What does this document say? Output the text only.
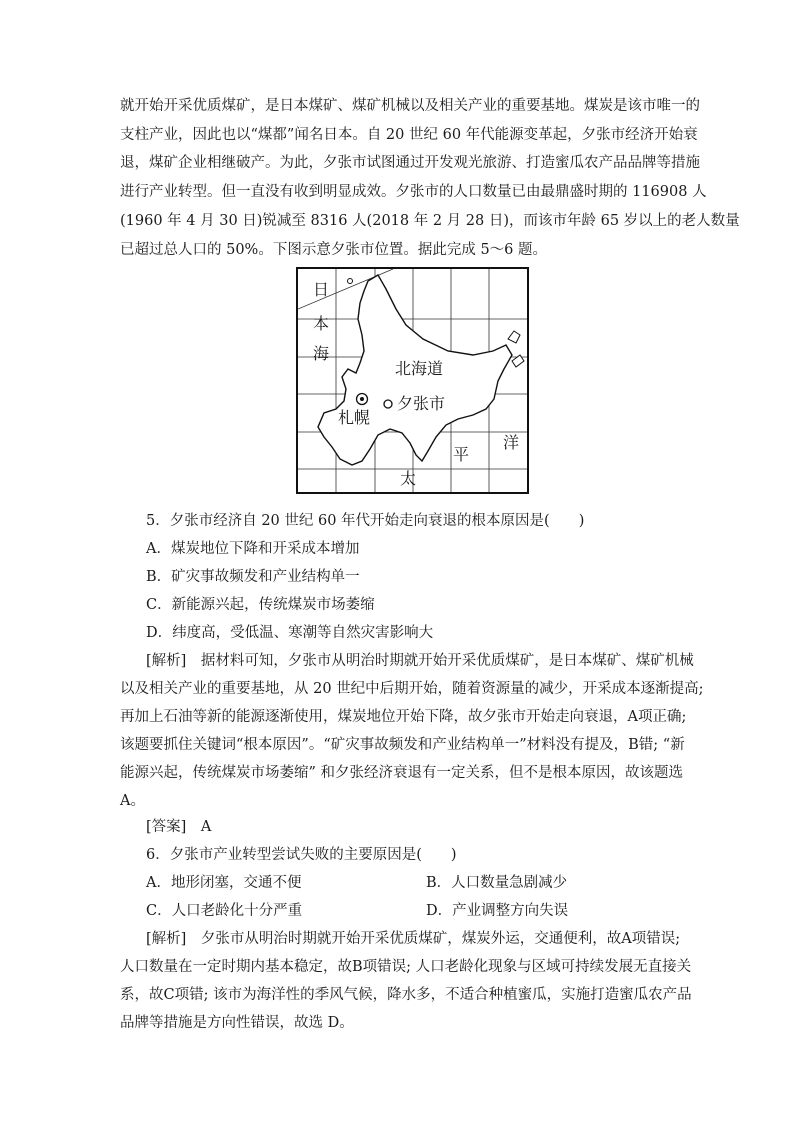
就开始开采优质煤矿，是日本煤矿、煤矿机械以及相关产业的重要基地。煤炭是该市唯一的
支柱产业，因此也以“煤都”闻名日本。自 20 世纪 60 年代能源变革起，夕张市经济开始衰
退，煤矿企业相继破产。为此，夕张市试图通过开发观光旅游、打造蜜瓜农产品品牌等措施
进行产业转型。但一直没有收到明显成效。夕张市的人口数量已由最鼎盛时期的 116908 人
(1960 年 4 月 30 日)锐减至 8316 人(2018 年 2 月 28 日)，而该市年龄 65 岁以上的老人数量
已超过总人口的 50%。下图示意夕张市位置。据此完成 5～6 题。
日
本
海
北海道
夕张市
札幌
洋
平
太
5．夕张市经济自 20 世纪 60 年代开始走向衰退的根本原因是(　　)
A．煤炭地位下降和开采成本增加
B．矿灾事故频发和产业结构单一
C．新能源兴起，传统煤炭市场萎缩
D．纬度高，受低温、寒潮等自然灾害影响大
[解析]　据材料可知，夕张市从明治时期就开始开采优质煤矿，是日本煤矿、煤矿机械
以及相关产业的重要基地，从 20 世纪中后期开始，随着资源量的减少，开采成本逐渐提高;
再加上石油等新的能源逐渐使用，煤炭地位开始下降，故夕张市开始走向衰退，A项正确;
该题要抓住关键词“根本原因”。“矿灾事故频发和产业结构单一”材料没有提及，B错; “新
能源兴起，传统煤炭市场萎缩” 和夕张经济衰退有一定关系，但不是根本原因，故该题选
A。
[答案]  A
6．夕张市产业转型尝试失败的主要原因是(　　)
A．地形闭塞，交通不便	B．人口数量急剧减少
C．人口老龄化十分严重	D．产业调整方向失误
[解析]　夕张市从明治时期就开始开采优质煤矿，煤炭外运，交通便利，故A项错误;
人口数量在一定时期内基本稳定，故B项错误; 人口老龄化现象与区域可持续发展无直接关
系，故C项错; 该市为海洋性的季风气候，降水多，不适合种植蜜瓜，实施打造蜜瓜农产品
品牌等措施是方向性错误，故选 D。
